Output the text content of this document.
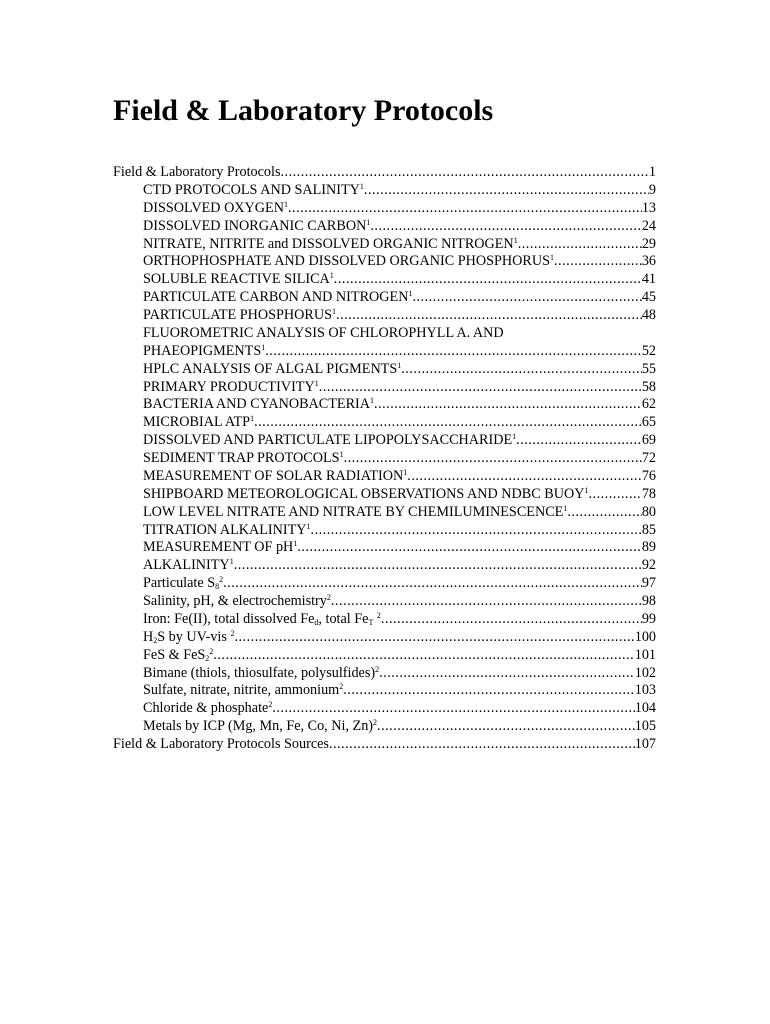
Field & Laboratory Protocols
Field & Laboratory Protocols .....	1
CTD PROTOCOLS AND SALINITY$^1$ .....	9
DISSOLVED OXYGEN$^1$ .....	13
DISSOLVED INORGANIC CARBON$^1$ .....	24
NITRATE, NITRITE and DISSOLVED ORGANIC NITROGEN$^1$ .....	29
ORTHOPHOSPHATE AND DISSOLVED ORGANIC PHOSPHORUS$^1$ .....	36
SOLUBLE REACTIVE SILICA$^1$ .....	41
PARTICULATE CARBON AND NITROGEN$^1$ .....	45
PARTICULATE PHOSPHORUS$^1$ .....	48
FLUOROMETRIC ANALYSIS OF CHLOROPHYLL A. AND
PHAEOPIGMENTS$^1$ .....	52
HPLC ANALYSIS OF ALGAL PIGMENTS$^1$ .....	55
PRIMARY PRODUCTIVITY$^1$ .....	58
BACTERIA AND CYANOBACTERIA$^1$ .....	62
MICROBIAL ATP$^1$ .....	65
DISSOLVED AND PARTICULATE LIPOPOLYSACCHARIDE$^1$ .....	69
SEDIMENT TRAP PROTOCOLS$^1$ .....	72
MEASUREMENT OF SOLAR RADIATION$^1$ .....	76
SHIPBOARD METEOROLOGICAL OBSERVATIONS AND NDBC BUOY$^1$ .....	78
LOW LEVEL NITRATE AND NITRATE BY CHEMILUMINESCENCE$^1$ .....	80
TITRATION ALKALINITY$^1$ .....	85
MEASUREMENT OF $pH^1$ .....	89
ALKALINITY$^1$ .....	92
Particulate $S_8^2$ .....	97
Salinity, pH, & electrochemistry$^2$ .....	98
Iron: Fe(II), total dissolved $Fe_d$, total $Fe_T$ $^2$ .....	99
$H_2S$ by UV-vis $^2$ .....	100
FeS & FeS$_2^2$ .....	101
Bimane (thiols, thiosulfate, polysulfides)$^2$ .....	102
Sulfate, nitrate, nitrite, ammonium$^2$ .....	103
Chloride & phosphate$^2$ .....	104
Metals by ICP (Mg, Mn, Fe, Co, Ni, Zn)$^2$ .....	105
Field & Laboratory Protocols Sources .....	107
